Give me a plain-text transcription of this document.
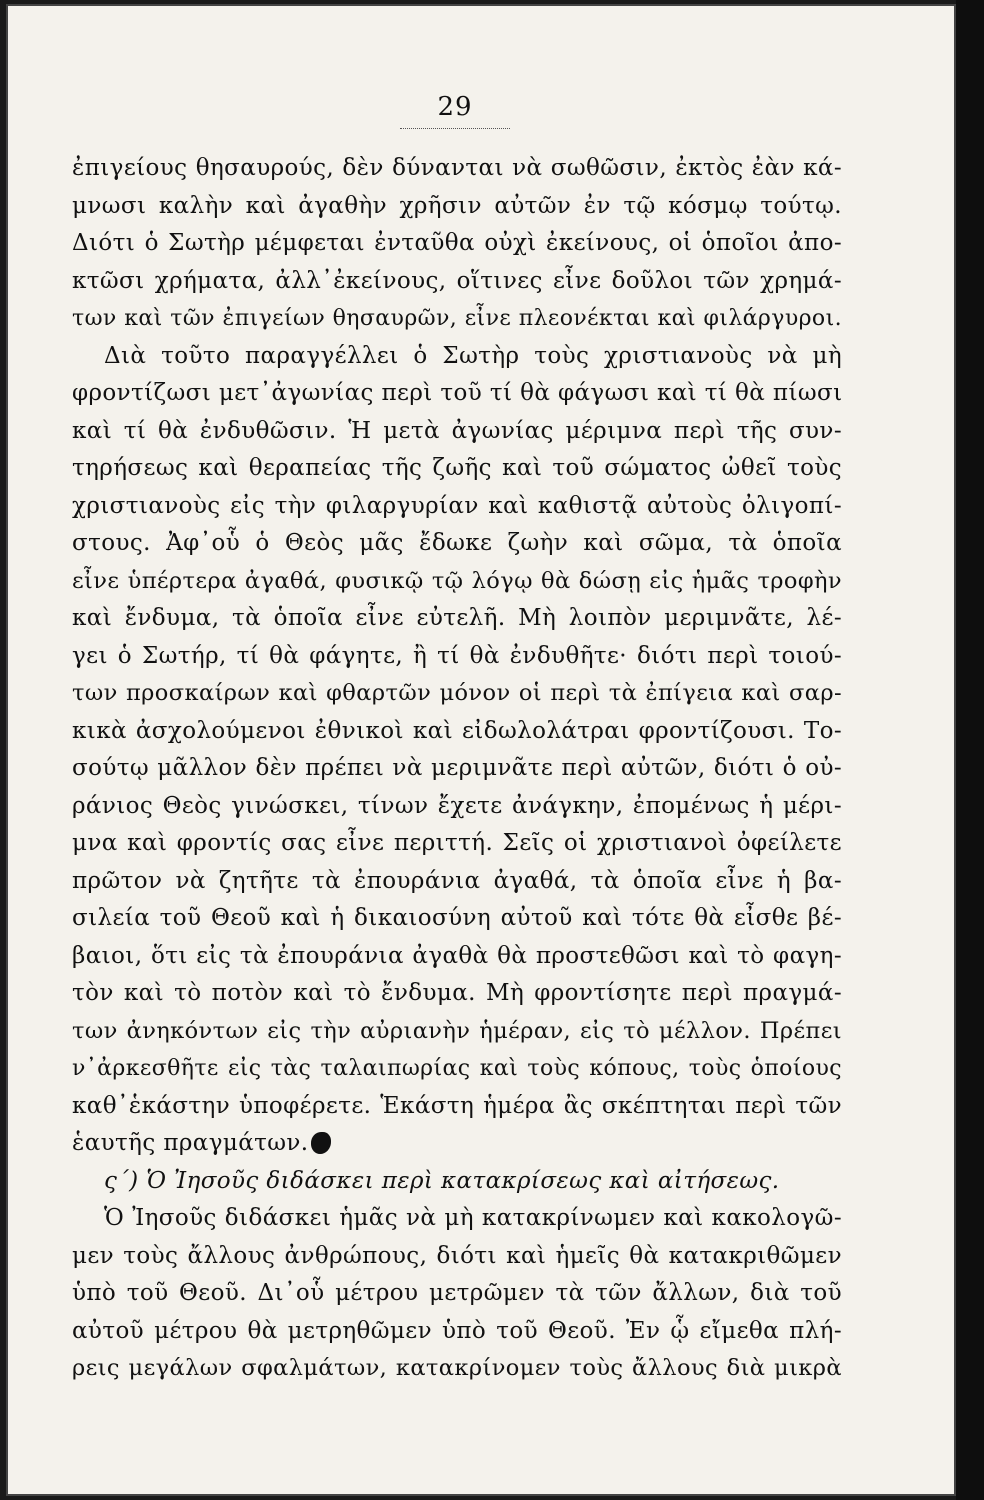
29
ἐπιγείους θησαυρούς, δὲν δύνανται νὰ σωθῶσιν, ἐκτὸς ἐὰν κά-
μνωσι καλὴν καὶ ἀγαθὴν χρῆσιν αὐτῶν ἐν τῷ κόσμῳ τούτῳ.
Διότι ὁ Σωτὴρ μέμφεται ἐνταῦθα οὐχὶ ἐκείνους, οἱ ὁποῖοι ἀπο-
κτῶσι χρήματα, ἀλλ᾽ἐκείνους, οἵτινες εἶνε δοῦλοι τῶν χρημά-
των καὶ τῶν ἐπιγείων θησαυρῶν, εἶνε πλεονέκται καὶ φιλάργυροι.
Διὰ τοῦτο παραγγέλλει ὁ Σωτὴρ τοὺς χριστιανοὺς νὰ μὴ
φροντίζωσι μετ᾽ἀγωνίας περὶ τοῦ τί θὰ φάγωσι καὶ τί θὰ πίωσι
καὶ τί θὰ ἐνδυθῶσιν. Ἡ μετὰ ἀγωνίας μέριμνα περὶ τῆς συν-
τηρήσεως καὶ θεραπείας τῆς ζωῆς καὶ τοῦ σώματος ὠθεῖ τοὺς
χριστιανοὺς εἰς τὴν φιλαργυρίαν καὶ καθιστᾷ αὐτοὺς ὀλιγοπί-
στους. Ἀφ᾽οὗ ὁ Θεὸς μᾶς ἔδωκε ζωὴν καὶ σῶμα, τὰ ὁποῖα
εἶνε ὑπέρτερα ἀγαθά, φυσικῷ τῷ λόγῳ θὰ δώσῃ εἰς ἡμᾶς τροφὴν
καὶ ἔνδυμα, τὰ ὁποῖα εἶνε εὐτελῆ. Μὴ λοιπὸν μεριμνᾶτε, λέ-
γει ὁ Σωτήρ, τί θὰ φάγητε, ἢ τί θὰ ἐνδυθῆτε· διότι περὶ τοιού-
των προσκαίρων καὶ φθαρτῶν μόνον οἱ περὶ τὰ ἐπίγεια καὶ σαρ-
κικὰ ἀσχολούμενοι ἐθνικοὶ καὶ εἰδωλολάτραι φροντίζουσι. Το-
σούτῳ μᾶλλον δὲν πρέπει νὰ μεριμνᾶτε περὶ αὐτῶν, διότι ὁ οὐ-
ράνιος Θεὸς γινώσκει, τίνων ἔχετε ἀνάγκην, ἐπομένως ἡ μέρι-
μνα καὶ φροντίς σας εἶνε περιττή. Σεῖς οἱ χριστιανοὶ ὀφείλετε
πρῶτον νὰ ζητῆτε τὰ ἐπουράνια ἀγαθά, τὰ ὁποῖα εἶνε ἡ βα-
σιλεία τοῦ Θεοῦ καὶ ἡ δικαιοσύνη αὐτοῦ καὶ τότε θὰ εἶσθε βέ-
βαιοι, ὅτι εἰς τὰ ἐπουράνια ἀγαθὰ θὰ προστεθῶσι καὶ τὸ φαγη-
τὸν καὶ τὸ ποτὸν καὶ τὸ ἔνδυμα. Μὴ φροντίσητε περὶ πραγμά-
των ἀνηκόντων εἰς τὴν αὐριανὴν ἡμέραν, εἰς τὸ μέλλον. Πρέπει
ν᾽ἀρκεσθῆτε εἰς τὰς ταλαιπωρίας καὶ τοὺς κόπους, τοὺς ὁποίους
καθ᾽ἑκάστην ὑποφέρετε. Ἑκάστη ἡμέρα ἂς σκέπτηται περὶ τῶν
ἑαυτῆς πραγμάτων.
ς΄) Ὁ Ἰησοῦς διδάσκει περὶ κατακρίσεως καὶ αἰτήσεως.
Ὁ Ἰησοῦς διδάσκει ἡμᾶς νὰ μὴ κατακρίνωμεν καὶ κακολογῶ-
μεν τοὺς ἄλλους ἀνθρώπους, διότι καὶ ἡμεῖς θὰ κατακριθῶμεν
ὑπὸ τοῦ Θεοῦ. Δι᾽οὗ μέτρου μετρῶμεν τὰ τῶν ἄλλων, διὰ τοῦ
αὐτοῦ μέτρου θὰ μετρηθῶμεν ὑπὸ τοῦ Θεοῦ. Ἐν ᾧ εἴμεθα πλή-
ρεις μεγάλων σφαλμάτων, κατακρίνομεν τοὺς ἄλλους διὰ μικρὰ
